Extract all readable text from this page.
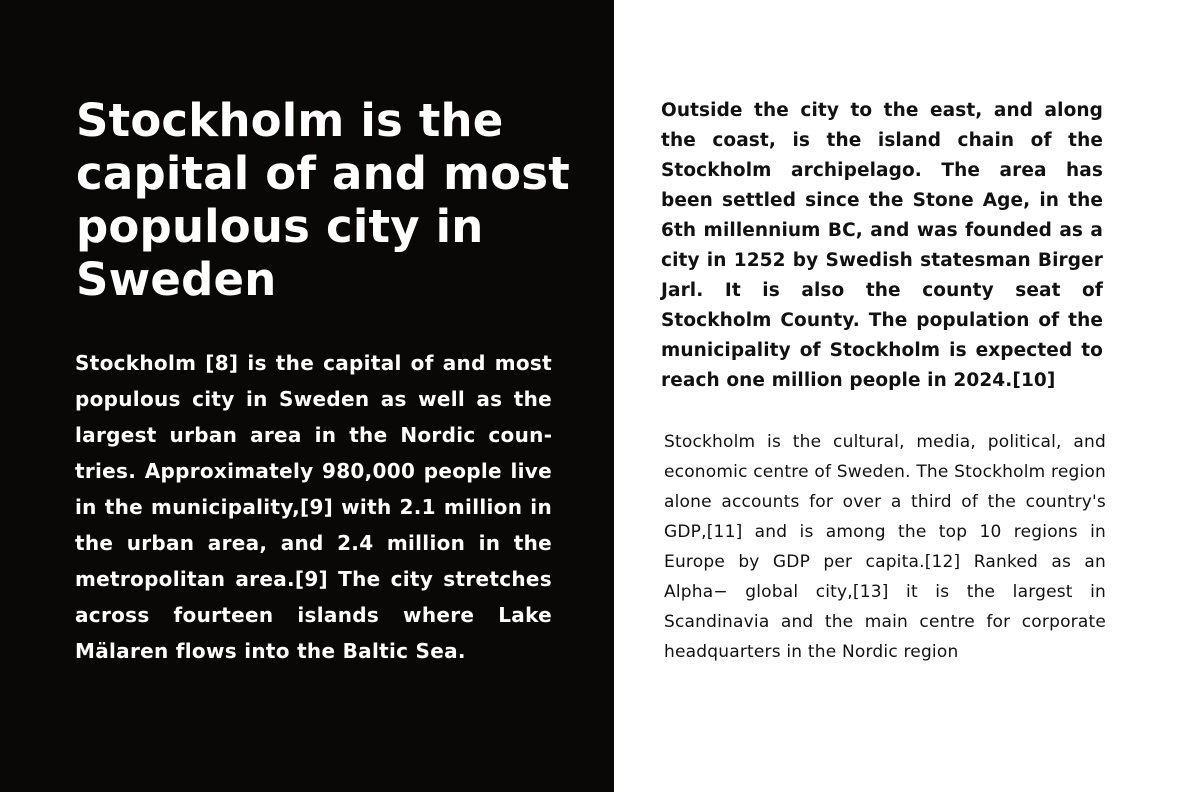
Stockholm is the capital of and most populous city in Sweden

Stockholm [8] is the capital of and most populous city in Sweden as well as the largest urban area in the Nordic countries. Approximately 980,000 people live in the municipality,[9] with 2.1 million in the urban area, and 2.4 million in the metropolitan area.[9] The city stretches across fourteen islands where Lake Mälaren flows into the Baltic Sea.

Outside the city to the east, and along the coast, is the island chain of the Stockholm archipelago. The area has been settled since the Stone Age, in the 6th millennium BC, and was founded as a city in 1252 by Swedish statesman Birger Jarl. It is also the county seat of Stockholm County. The population of the municipality of Stockholm is expected to reach one million people in 2024.[10]

Stockholm is the cultural, media, political, and economic centre of Sweden. The Stockholm region alone accounts for over a third of the country's GDP,[11] and is among the top 10 regions in Europe by GDP per capita.[12] Ranked as an Alpha− global city,[13] it is the largest in Scandinavia and the main centre for corporate headquarters in the Nordic region
